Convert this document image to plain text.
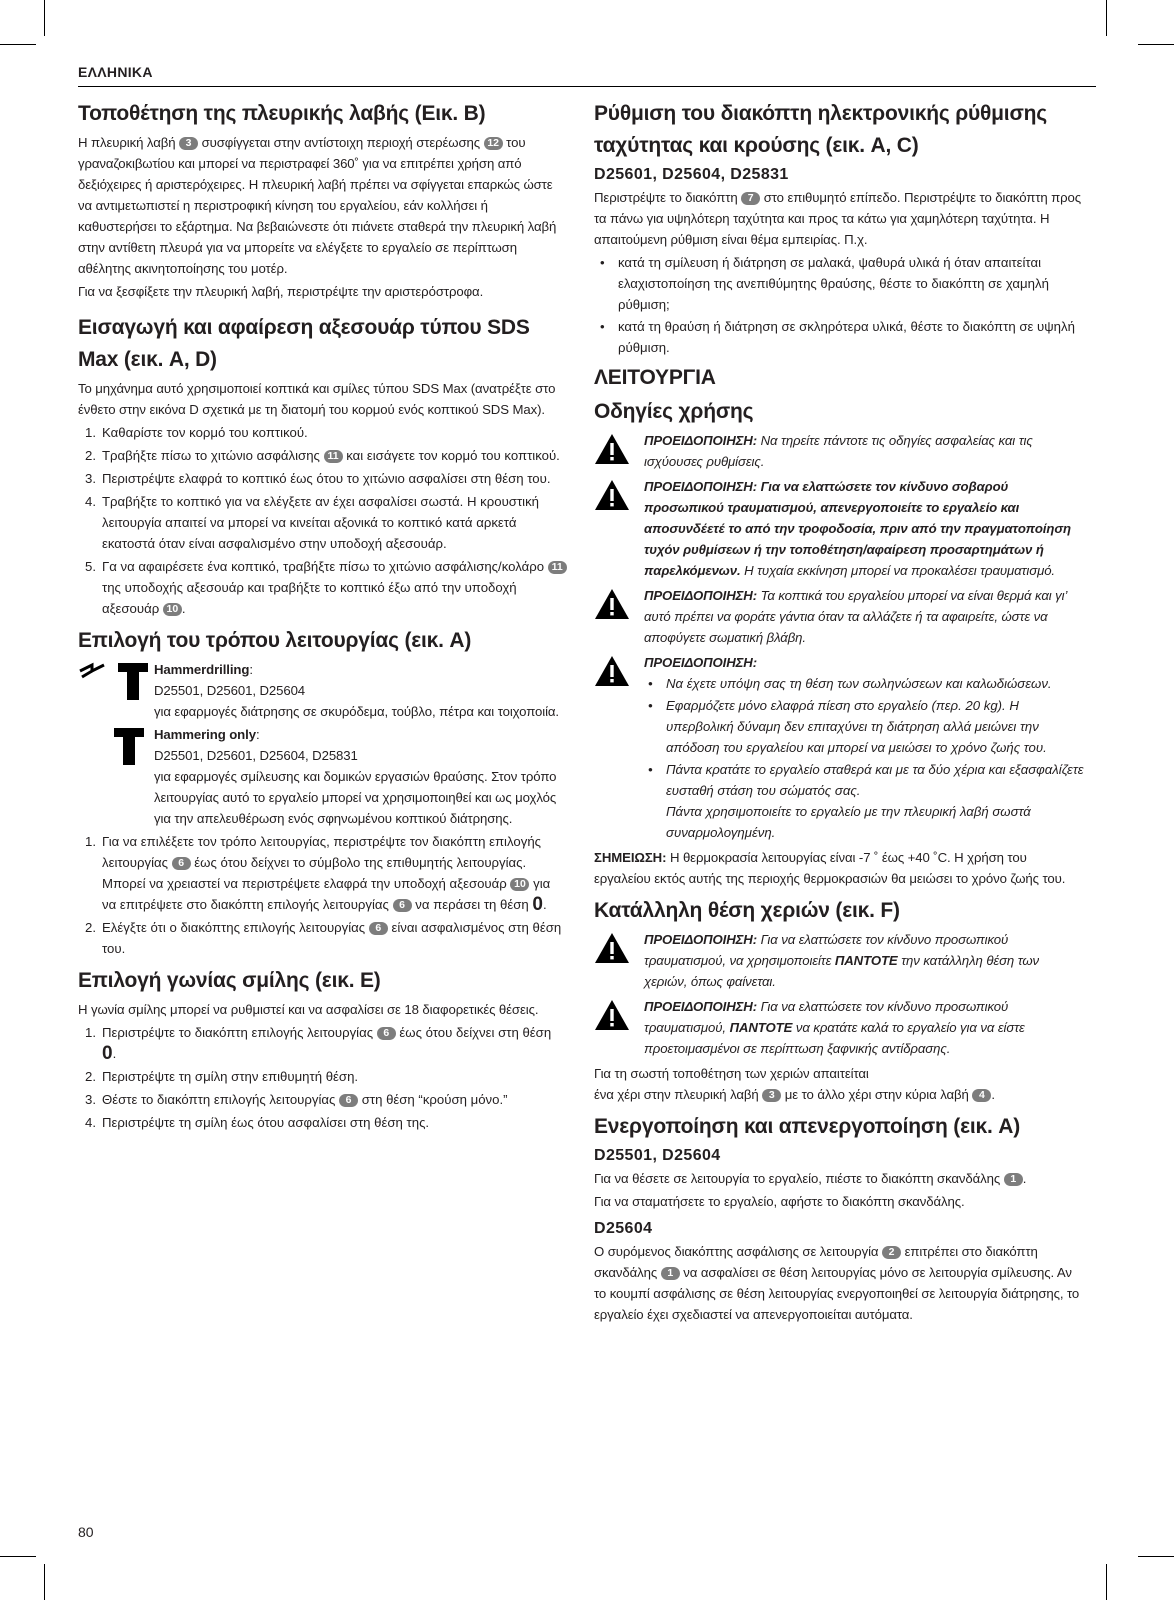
ΕΛΛΗΝΙΚΑ
Τοποθέτηση της πλευρικής λαβής (Εικ. B)

Η πλευρική λαβή 3 συσφίγγεται στην αντίστοιχη περιοχή στερέωσης 12 του γραναζοκιβωτίου και μπορεί να περιστραφεί 360˚ για να επιτρέπει χρήση από δεξιόχειρες ή αριστερόχειρες. Η πλευρική λαβή πρέπει να σφίγγεται επαρκώς ώστε να αντιμετωπιστεί η περιστροφική κίνηση του εργαλείου, εάν κολλήσει ή καθυστερήσει το εξάρτημα. Να βεβαιώνεστε ότι πιάνετε σταθερά την πλευρική λαβή στην αντίθετη πλευρά για να μπορείτε να ελέγξετε το εργαλείο σε περίπτωση αθέλητης ακινητοποίησης του μοτέρ.

Για να ξεσφίξετε την πλευρική λαβή, περιστρέψτε την αριστερόστροφα.

Εισαγωγή και αφαίρεση αξεσουάρ τύπου SDS Max (εικ. A, D)

Το μηχάνημα αυτό χρησιμοποιεί κοπτικά και σμίλες τύπου SDS Max (ανατρέξτε στο ένθετο στην εικόνα D σχετικά με τη διατομή του κορμού ενός κοπτικού SDS Max).

1. Καθαρίστε τον κορμό του κοπτικού.
2. Τραβήξτε πίσω το χιτώνιο ασφάλισης 11 και εισάγετε τον κορμό του κοπτικού.
3. Περιστρέψτε ελαφρά το κοπτικό έως ότου το χιτώνιο ασφαλίσει στη θέση του.
4. Τραβήξτε το κοπτικό για να ελέγξετε αν έχει ασφαλίσει σωστά. Η κρουστική λειτουργία απαιτεί να μπορεί να κινείται αξονικά το κοπτικό κατά αρκετά εκατοστά όταν είναι ασφαλισμένο στην υποδοχή αξεσουάρ.
5. Γα να αφαιρέσετε ένα κοπτικό, τραβήξτε πίσω το χιτώνιο ασφάλισης/κολάρο 11 της υποδοχής αξεσουάρ και τραβήξτε το κοπτικό έξω από την υποδοχή αξεσουάρ 10 .
Επιλογή του τρόπου λειτουργίας (εικ. A)

Hammerdrilling:

D25501, D25601, D25604

για εφαρμογές διάτρησης σε σκυρόδεμα, τούβλο, πέτρα και τοιχοποιία.

Hammering only:

D25501, D25601, D25604, D25831

για εφαρμογές σμίλευσης και δομικών εργασιών θραύσης. Στον τρόπο λειτουργίας αυτό το εργαλείο μπορεί να χρησιμοποιηθεί και ως μοχλός για την απελευθέρωση ενός σφηνωμένου κοπτικού διάτρησης.

1. Για να επιλέξετε τον τρόπο λειτουργίας, περιστρέψτε τον διακόπτη επιλογής λειτουργίας 6 έως ότου δείχνει το σύμβολο της επιθυμητής λειτουργίας.
Μπορεί να χρειαστεί να περιστρέψετε ελαφρά την υποδοχή αξεσουάρ 10 για να επιτρέψετε στο διακόπτη επιλογής λειτουργίας 6 να περάσει τη θέση 0.
2. Ελέγξτε ότι ο διακόπτης επιλογής λειτουργίας 6 είναι ασφαλισμένος στη θέση του.
Επιλογή γωνίας σμίλης (εικ. E)

Η γωνία σμίλης μπορεί να ρυθμιστεί και να ασφαλίσει σε 18 διαφορετικές θέσεις.

1. Περιστρέψτε το διακόπτη επιλογής λειτουργίας 6 έως ότου δείχνει στη θέση 0.
2. Περιστρέψτε τη σμίλη στην επιθυμητή θέση.
3. Θέστε το διακόπτη επιλογής λειτουργίας 6 στη θέση “κρούση μόνο.”
4. Περιστρέψτε τη σμίλη έως ότου ασφαλίσει στη θέση της.
Ρύθμιση του διακόπτη ηλεκτρονικής ρύθμισης ταχύτητας και κρούσης (εικ. A, C)
D25601, D25604, D25831

Περιστρέψτε το διακόπτη 7 στο επιθυμητό επίπεδο. Περιστρέψτε το διακόπτη προς τα πάνω για υψηλότερη ταχύτητα και προς τα κάτω για χαμηλότερη ταχύτητα. Η απαιτούμενη ρύθμιση είναι θέμα εμπειρίας. Π.χ.

• κατά τη σμίλευση ή διάτρηση σε μαλακά, ψαθυρά υλικά ή όταν απαιτείται ελαχιστοποίηση της ανεπιθύμητης θραύσης, θέστε το διακόπτη σε χαμηλή ρύθμιση;
• κατά τη θραύση ή διάτρηση σε σκληρότερα υλικά, θέστε το διακόπτη σε υψηλή ρύθμιση.
ΛΕΙΤΟΥΡΓΙΑ
Οδηγίες χρήσης

ΠΡΟΕΙΔΟΠΟΙΗΣΗ: Να τηρείτε πάντοτε τις οδηγίες ασφαλείας και τις ισχύουσες ρυθμίσεις.

ΠΡΟΕΙΔΟΠΟΙΗΣΗ: Για να ελαττώσετε τον κίνδυνο σοβαρού προσωπικού τραυματισμού, απενεργοποιείτε το εργαλείο και αποσυνδέετέ το από την τροφοδοσία, πριν από την πραγματοποίηση τυχόν ρυθμίσεων ή την τοποθέτηση/αφαίρεση προσαρτημάτων ή παρελκόμενων. Η τυχαία εκκίνηση μπορεί να προκαλέσει τραυματισμό.

ΠΡΟΕΙΔΟΠΟΙΗΣΗ: Τα κοπτικά του εργαλείου μπορεί να είναι θερμά και γι’ αυτό πρέπει να φοράτε γάντια όταν τα αλλάζετε ή τα αφαιρείτε, ώστε να αποφύγετε σωματική βλάβη.

ΠΡΟΕΙΔΟΠΟΙΗΣΗ:

• Να έχετε υπόψη σας τη θέση των σωληνώσεων και καλωδιώσεων.
• Εφαρμόζετε μόνο ελαφρά πίεση στο εργαλείο (περ. 20 kg). Η υπερβολική δύναμη δεν επιταχύνει τη διάτρηση αλλά μειώνει την απόδοση του εργαλείου και μπορεί να μειώσει το χρόνο ζωής του.
• Πάντα κρατάτε το εργαλείο σταθερά και με τα δύο χέρια και εξασφαλίζετε ευσταθή στάση του σώματός σας.
Πάντα χρησιμοποιείτε το εργαλείο με την πλευρική λαβή σωστά συναρμολογημένη.

ΣΗΜΕΙΩΣΗ: Η θερμοκρασία λειτουργίας είναι -7 ˚ έως +40 ˚C. Η χρήση του εργαλείου εκτός αυτής της περιοχής θερμοκρασιών θα μειώσει το χρόνο ζωής του.

Κατάλληλη θέση χεριών (εικ. F)

ΠΡΟΕΙΔΟΠΟΙΗΣΗ: Για να ελαττώσετε τον κίνδυνο προσωπικού τραυματισμού, να χρησιμοποιείτε ΠΑΝΤΟΤΕ την κατάλληλη θέση των χεριών, όπως φαίνεται.

ΠΡΟΕΙΔΟΠΟΙΗΣΗ: Για να ελαττώσετε τον κίνδυνο προσωπικού τραυματισμού, ΠΑΝΤΟΤΕ να κρατάτε καλά το εργαλείο για να είστε προετοιμασμένοι σε περίπτωση ξαφνικής αντίδρασης.

Για τη σωστή τοποθέτηση των χεριών απαιτείται

ένα χέρι στην πλευρική λαβή 3 με το άλλο χέρι στην κύρια λαβή 4 .

Ενεργοποίηση και απενεργοποίηση (εικ. A)
D25501, D25604

Για να θέσετε σε λειτουργία το εργαλείο, πιέστε το διακόπτη σκανδάλης 1 .

Για να σταματήσετε το εργαλείο, αφήστε το διακόπτη σκανδάλης.

D25604

Ο συρόμενος διακόπτης ασφάλισης σε λειτουργία 2 επιτρέπει στο διακόπτη σκανδάλης 1 να ασφαλίσει σε θέση λειτουργίας μόνο σε λειτουργία σμίλευσης. Αν το κουμπί ασφάλισης σε θέση λειτουργίας ενεργοποιηθεί σε λειτουργία διάτρησης, το εργαλείο έχει σχεδιαστεί να απενεργοποιείται αυτόματα.

80
